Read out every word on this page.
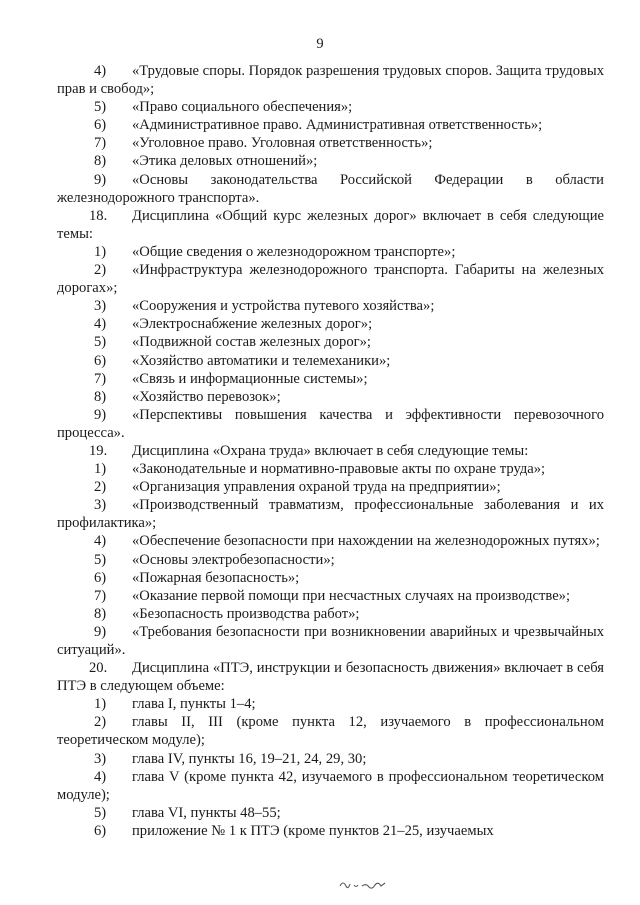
9
4) «Трудовые споры. Порядок разрешения трудовых споров. Защита трудовых прав и свобод»;
5) «Право социального обеспечения»;
6) «Административное право. Административная ответственность»;
7) «Уголовное право. Уголовная ответственность»;
8) «Этика деловых отношений»;
9) «Основы законодательства Российской Федерации в области железнодорожного транспорта».
18. Дисциплина «Общий курс железных дорог» включает в себя следующие темы:
1) «Общие сведения о железнодорожном транспорте»;
2) «Инфраструктура железнодорожного транспорта. Габариты на железных дорогах»;
3) «Сооружения и устройства путевого хозяйства»;
4) «Электроснабжение железных дорог»;
5) «Подвижной состав железных дорог»;
6) «Хозяйство автоматики и телемеханики»;
7) «Связь и информационные системы»;
8) «Хозяйство перевозок»;
9) «Перспективы повышения качества и эффективности перевозочного процесса».
19. Дисциплина «Охрана труда» включает в себя следующие темы:
1) «Законодательные и нормативно-правовые акты по охране труда»;
2) «Организация управления охраной труда на предприятии»;
3) «Производственный травматизм, профессиональные заболевания и их профилактика»;
4) «Обеспечение безопасности при нахождении на железнодорожных путях»;
5) «Основы электробезопасности»;
6) «Пожарная безопасность»;
7) «Оказание первой помощи при несчастных случаях на производстве»;
8) «Безопасность производства работ»;
9) «Требования безопасности при возникновении аварийных и чрезвычайных ситуаций».
20. Дисциплина «ПТЭ, инструкции и безопасность движения» включает в себя ПТЭ в следующем объеме:
1) глава I, пункты 1–4;
2) главы II, III (кроме пункта 12, изучаемого в профессиональном теоретическом модуле);
3) глава IV, пункты 16, 19–21, 24, 29, 30;
4) глава V (кроме пункта 42, изучаемого в профессиональном теоретическом модуле);
5) глава VI, пункты 48–55;
6) приложение № 1 к ПТЭ (кроме пунктов 21–25, изучаемых
